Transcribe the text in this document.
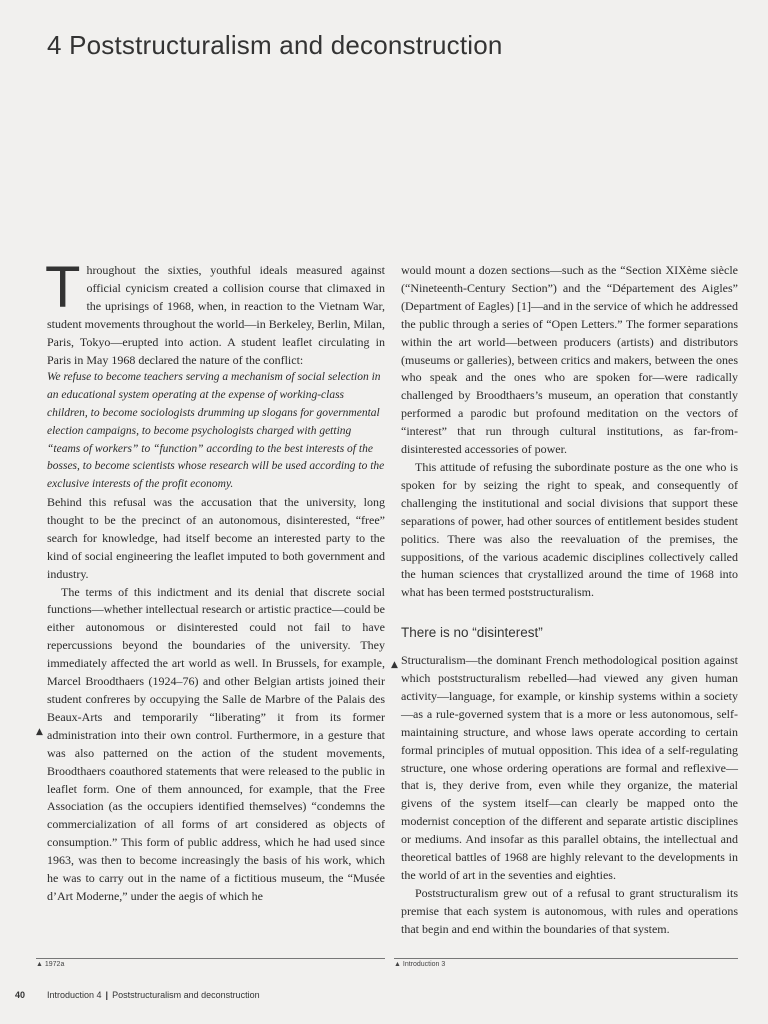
4 Poststructuralism and deconstruction

Throughout the sixties, youthful ideals measured against official cynicism created a collision course that climaxed in the uprisings of 1968, when, in reaction to the Vietnam War, student movements throughout the world—in Berkeley, Berlin, Milan, Paris, Tokyo—erupted into action. A student leaflet circulating in Paris in May 1968 declared the nature of the conflict:

We refuse to become teachers serving a mechanism of social selection in an educational system operating at the expense of working-class children, to become sociologists drumming up slogans for governmental election campaigns, to become psychologists charged with getting “teams of workers” to “function” according to the best interests of the bosses, to become scientists whose research will be used according to the exclusive interests of the profit economy.

Behind this refusal was the accusation that the university, long thought to be the precinct of an autonomous, disinterested, “free” search for knowledge, had itself become an interested party to the kind of social engineering the leaflet imputed to both government and industry.

The terms of this indictment and its denial that discrete social functions—whether intellectual research or artistic practice—could be either autonomous or disinterested could not fail to have repercussions beyond the boundaries of the university. They immediately affected the art world as well. In Brussels, for example, Marcel Broodthaers (1924–76) and other Belgian artists joined their student confreres by occupying the Salle de Marbre of the Palais des Beaux-Arts and temporarily “liberating” it from its former administration into their own control. Furthermore, in a gesture that was also patterned on the action of the student movements, Broodthaers coauthored statements that were released to the public in leaflet form. One of them announced, for example, that the Free Association (as the occupiers identified themselves) “condemns the commercialization of all forms of art considered as objects of consumption.” This form of public address, which he had used since 1963, was then to become increasingly the basis of his work, which he was to carry out in the name of a fictitious museum, the “Musée d’Art Moderne,” under the aegis of which he

would mount a dozen sections—such as the “Section XIXème siècle (“Nineteenth-Century Section”) and the “Département des Aigles” (Department of Eagles) [1]—and in the service of which he addressed the public through a series of “Open Letters.” The former separations within the art world—between producers (artists) and distributors (museums or galleries), between critics and makers, between the ones who speak and the ones who are spoken for—were radically challenged by Broodthaers’s museum, an operation that constantly performed a parodic but profound meditation on the vectors of “interest” that run through cultural institutions, as far-from-disinterested accessories of power.

This attitude of refusing the subordinate posture as the one who is spoken for by seizing the right to speak, and consequently of challenging the institutional and social divisions that support these separations of power, had other sources of entitlement besides student politics. There was also the reevaluation of the premises, the suppositions, of the various academic disciplines collectively called the human sciences that crystallized around the time of 1968 into what has been termed poststructuralism.

There is no “disinterest”

Structuralism—the dominant French methodological position against which poststructuralism rebelled—had viewed any given human activity—language, for example, or kinship systems within a society—as a rule-governed system that is a more or less autonomous, self-maintaining structure, and whose laws operate according to certain formal principles of mutual opposition. This idea of a self-regulating structure, one whose ordering operations are formal and reflexive—that is, they derive from, even while they organize, the material givens of the system itself—can clearly be mapped onto the modernist conception of the different and separate artistic disciplines or mediums. And insofar as this parallel obtains, the intellectual and theoretical battles of 1968 are highly relevant to the developments in the world of art in the seventies and eighties.

Poststructuralism grew out of a refusal to grant structuralism its premise that each system is autonomous, with rules and operations that begin and end within the boundaries of that system.

▲
▲
▲ 1972a	▲ Introduction 3
40 Introduction 4 | Poststructuralism and deconstruction
